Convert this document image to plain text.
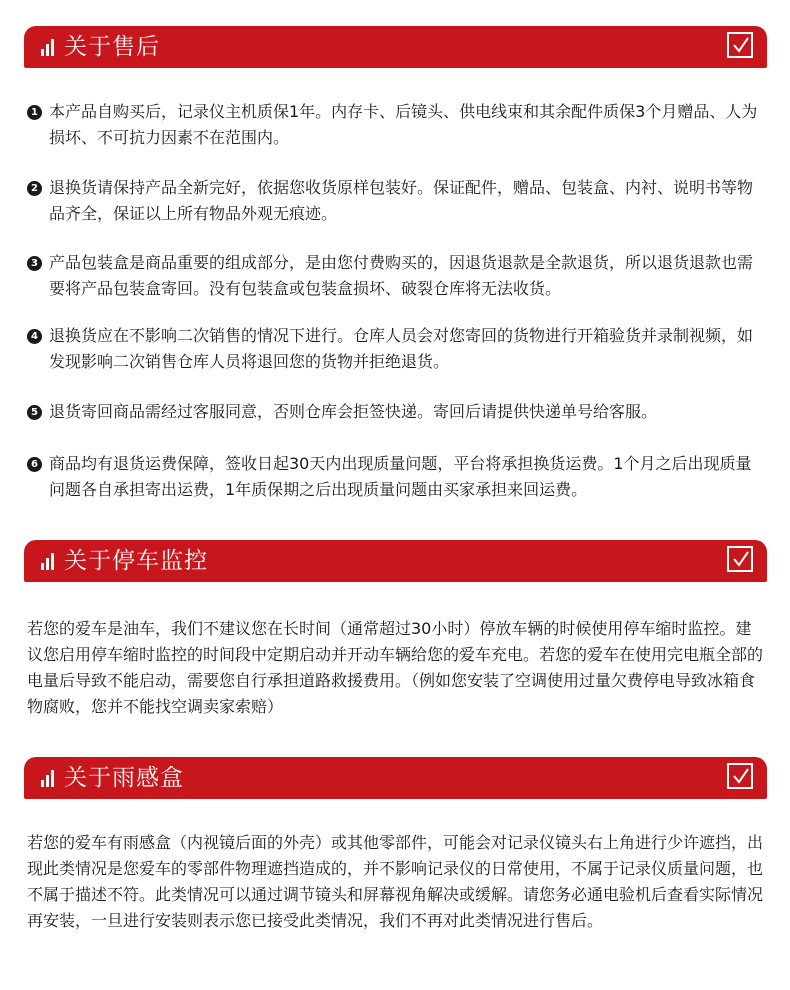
关于售后
1 本产品自购买后，记录仪主机质保1年。内存卡、后镜头、供电线束和其余配件质保3个月赠品、人为损坏、不可抗力因素不在范围内。
2 退换货请保持产品全新完好，依据您收货原样包装好。保证配件，赠品、包装盒、内衬、说明书等物品齐全，保证以上所有物品外观无痕迹。
3 产品包装盒是商品重要的组成部分，是由您付费购买的，因退货退款是全款退货，所以退货退款也需要将产品包装盒寄回。没有包装盒或包装盒损坏、破裂仓库将无法收货。
4 退换货应在不影响二次销售的情况下进行。仓库人员会对您寄回的货物进行开箱验货并录制视频，如发现影响二次销售仓库人员将退回您的货物并拒绝退货。
5 退货寄回商品需经过客服同意，否则仓库会拒签快递。寄回后请提供快递单号给客服。
6 商品均有退货运费保障，签收日起30天内出现质量问题，平台将承担换货运费。1个月之后出现质量问题各自承担寄出运费，1年质保期之后出现质量问题由买家承担来回运费。
关于停车监控
若您的爱车是油车，我们不建议您在长时间（通常超过30小时）停放车辆的时候使用停车缩时监控。建议您启用停车缩时监控的时间段中定期启动并开动车辆给您的爱车充电。若您的爱车在使用完电瓶全部的电量后导致不能启动，需要您自行承担道路救援费用。（例如您安装了空调使用过量欠费停电导致冰箱食物腐败，您并不能找空调卖家索赔）
关于雨感盒
若您的爱车有雨感盒（内视镜后面的外壳）或其他零部件，可能会对记录仪镜头右上角进行少许遮挡，出现此类情况是您爱车的零部件物理遮挡造成的，并不影响记录仪的日常使用，不属于记录仪质量问题，也不属于描述不符。此类情况可以通过调节镜头和屏幕视角解决或缓解。请您务必通电验机后查看实际情况再安装，一旦进行安装则表示您已接受此类情况，我们不再对此类情况进行售后。
